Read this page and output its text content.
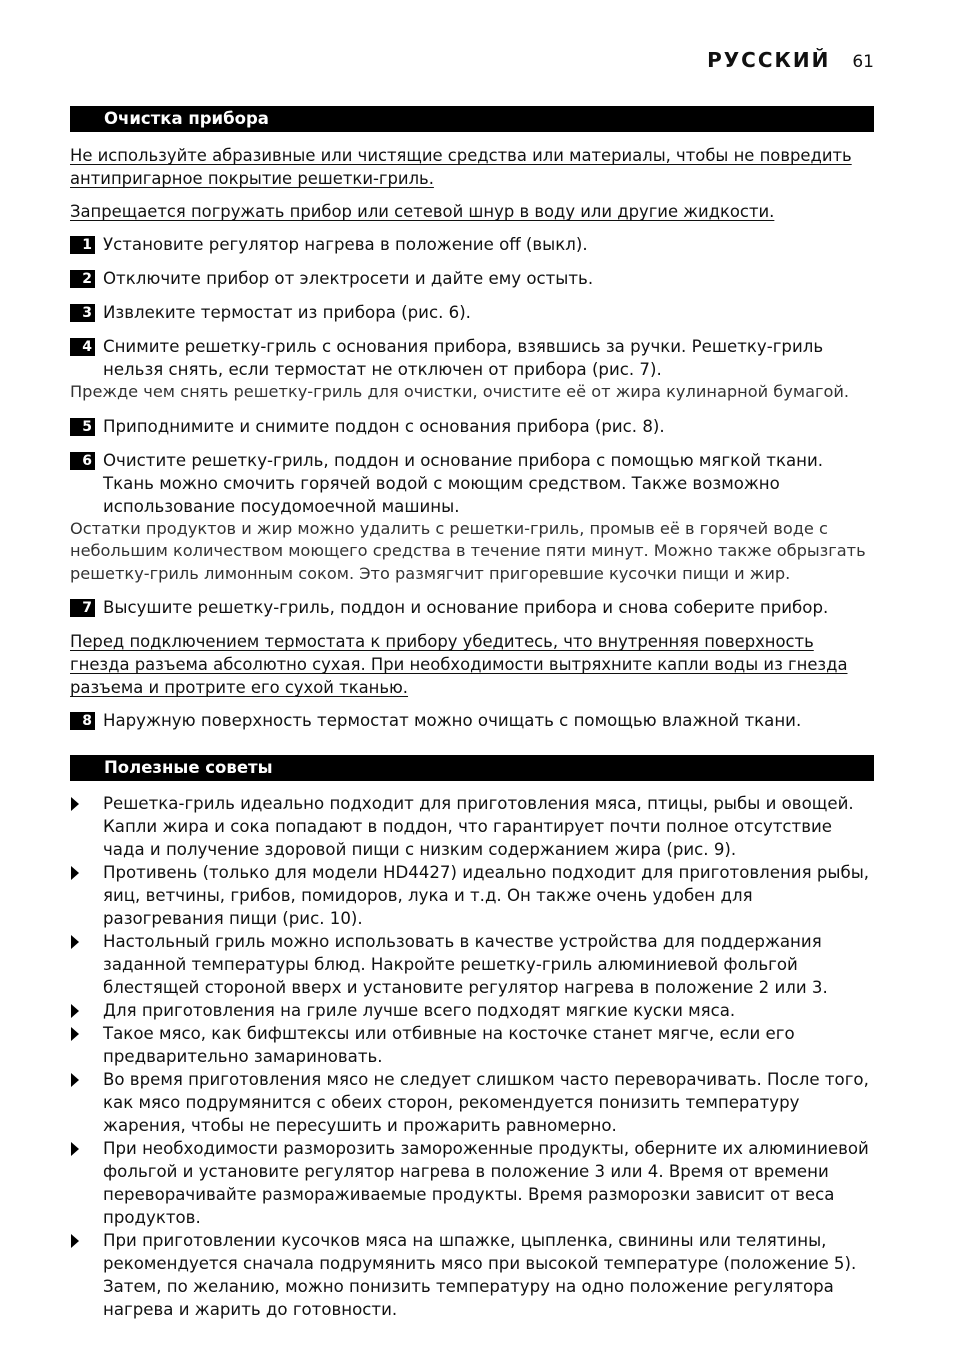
РУССКИЙ 61
Очистка прибора
Не используйте абразивные или чистящие средства или материалы, чтобы не повредить антипригарное покрытие решетки-гриль.
Запрещается погружать прибор или сетевой шнур в воду или другие жидкости.
1 Установите регулятор нагрева в положение off (выкл).
2 Отключите прибор от электросети и дайте ему остыть.
3 Извлеките термостат из прибора (рис. 6).
4 Снимите решетку-гриль с основания прибора, взявшись за ручки. Решетку-гриль нельзя снять, если термостат не отключен от прибора (рис. 7).
Прежде чем снять решетку-гриль для очистки, очистите её от жира кулинарной бумагой.
5 Приподнимите и снимите поддон с основания прибора (рис. 8).
6 Очистите решетку-гриль, поддон и основание прибора с помощью мягкой ткани. Ткань можно смочить горячей водой с моющим средством. Также возможно использование посудомоечной машины.
Остатки продуктов и жир можно удалить с решетки-гриль, промыв её в горячей воде с небольшим количеством моющего средства в течение пяти минут. Можно также обрызгать решетку-гриль лимонным соком. Это размягчит пригоревшие кусочки пищи и жир.
7 Высушите решетку-гриль, поддон и основание прибора и снова соберите прибор.
Перед подключением термостата к прибору убедитесь, что внутренняя поверхность гнезда разъема абсолютно сухая. При необходимости вытряхните капли воды из гнезда разъема и протрите его сухой тканью.
8 Наружную поверхность термостат можно очищать с помощью влажной ткани.
Полезные советы
Решетка-гриль идеально подходит для приготовления мяса, птицы, рыбы и овощей. Капли жира и сока попадают в поддон, что гарантирует почти полное отсутствие чада и получение здоровой пищи с низким содержанием жира (рис. 9).
Противень (только для модели HD4427) идеально подходит для приготовления рыбы, яиц, ветчины, грибов, помидоров, лука и т.д. Он также очень удобен для разогревания пищи (рис. 10).
Настольный гриль можно использовать в качестве устройства для поддержания заданной температуры блюд. Накройте решетку-гриль алюминиевой фольгой блестящей стороной вверх и установите регулятор нагрева в положение 2 или 3.
Для приготовления на гриле лучше всего подходят мягкие куски мяса.
Такое мясо, как бифштексы или отбивные на косточке станет мягче, если его предварительно замариновать.
Во время приготовления мясо не следует слишком часто переворачивать. После того, как мясо подрумянится с обеих сторон, рекомендуется понизить температуру жарения, чтобы не пересушить и прожарить равномерно.
При необходимости разморозить замороженные продукты, оберните их алюминиевой фольгой и установите регулятор нагрева в положение 3 или 4. Время от времени переворачивайте размораживаемые продукты. Время разморозки зависит от веса продуктов.
При приготовлении кусочков мяса на шпажке, цыпленка, свинины или телятины, рекомендуется сначала подрумянить мясо при высокой температуре (положение 5). Затем, по желанию, можно понизить температуру на одно положение регулятора нагрева и жарить до готовности.
